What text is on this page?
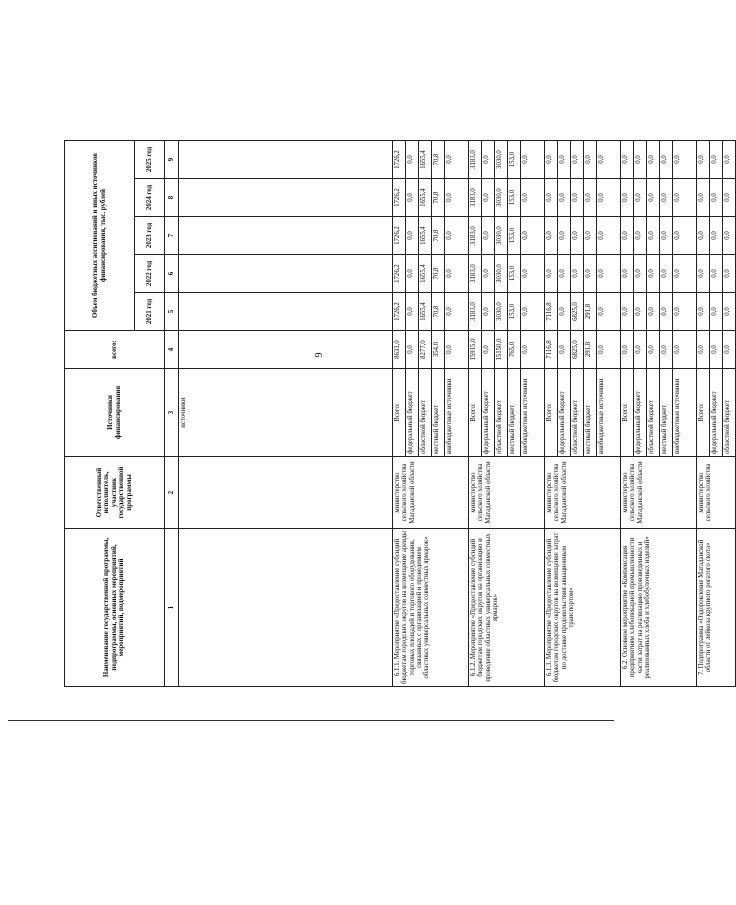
9
Наименование государственной программы, подпрограммы, основных мероприятий, мероприятий, подмероприятий	Ответственный исполнитель, участник государственной программы	Источники финансирования	всего:	Объем бюджетных ассигнований и иных источников финансирования, тыс. рублей				
				2021 год	2022 год	2023 год	2024 год	2025 год
1	2	3	4	5	6	7	8	9
		источники						
6.1.1. Мероприятие «Предоставление субсидий бюджетам городских округов на возмещение аренды торговых площадей и торгового оборудования, связанных с организацией и проведением областных универсальных совместных ярмарок»	министерство сельского хозяйства Магаданской области	Всего:	8631,0	1726,2	1726,2	1726,2	1726,2	1726,2
		федеральный бюджет	0,0	0,0	0,0	0,0	0,0	0,0
		областной бюджет	8277,0	1655,4	1655,4	1655,4	1655,4	1655,4
		местный бюджет	354,0	70,8	70,8	70,8	70,8	70,8
		внебюджетные источники	0,0	0,0	0,0	0,0	0,0	0,0
6.1.2. Мероприятие «Предоставление субсидий бюджетам городских округов на организацию и проведение областных универсальных совместных ярмарок»	министерство сельского хозяйства Магаданской области	Всего:	15915,0	3183,0	3183,0	3183,0	3183,0	3183,0
		федеральный бюджет	0,0	0,0	0,0	0,0	0,0	0,0
		областной бюджет	15150,0	3030,0	3030,0	3030,0	3030,0	3030,0
		местный бюджет	765,0	153,0	153,0	153,0	153,0	153,0
		внебюджетные источники	0,0	0,0	0,0	0,0	0,0	0,0
6.1.3. Мероприятие «Предоставление субсидий бюджетам городских округов на возмещение затрат по доставке продовольствия авиационным транспортом»	министерство сельского хозяйства Магаданской области	Всего:	7116,8	7116,8	0,0	0,0	0,0	0,0
		федеральный бюджет	0,0	0,0	0,0	0,0	0,0	0,0
		областной бюджет	6825,0	6825,0	0,0	0,0	0,0	0,0
		местный бюджет	291,8	291,8	0,0	0,0	0,0	0,0
		внебюджетные источники	0,0	0,0	0,0	0,0	0,0	0,0
6.2. Основное мероприятие «Компенсация предприятиям хлебопекарной промышленности части затрат на реализацию произведенных и реализованных хлеба и хлебобулочных изделий»	министерство сельского хозяйства Магаданской области	Всего:	0,0	0,0	0,0	0,0	0,0	0,0
		федеральный бюджет	0,0	0,0	0,0	0,0	0,0	0,0
		областной бюджет	0,0	0,0	0,0	0,0	0,0	0,0
		местный бюджет	0,0	0,0	0,0	0,0	0,0	0,0
		внебюджетные источники	0,0	0,0	0,0	0,0	0,0	0,0
7. Подпрограмма «Оздоровление Магаданской области от лейкоза крупного рогатого скота»	министерство сельского хозяйства	Всего:	0,0	0,0	0,0	0,0	0,0	0,0
		федеральный бюджет	0,0	0,0	0,0	0,0	0,0	0,0
		областной бюджет	0,0	0,0	0,0	0,0	0,0	0,0
